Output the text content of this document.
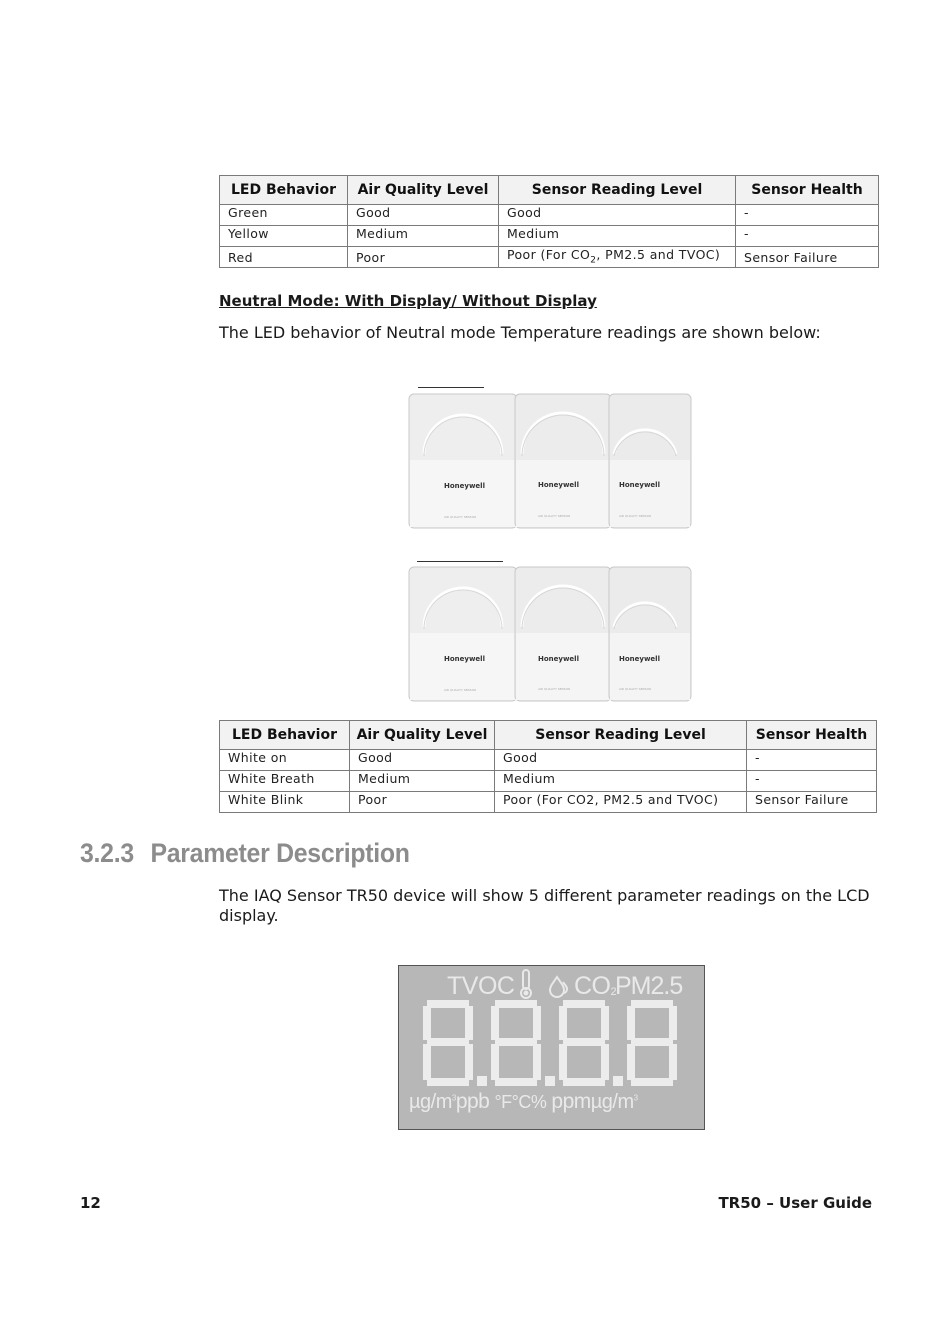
LED Behavior	Air Quality Level	Sensor Reading Level	Sensor Health
Green	Good	Good	-
Yellow	Medium	Medium	-
Red	Poor	Poor (For $CO_2$, PM2.5 and TVOC)	Sensor Failure
Neutral Mode: With Display/ Without Display
The LED behavior of Neutral mode Temperature readings are shown below:
Honeywell	Honeywell	Honeywell
AIR QUALITY SENSOR	AIR QUALITY SENSOR	AIR QUALITY SENSOR
Honeywell	Honeywell	Honeywell
AIR QUALITY SENSOR	AIR QUALITY SENSOR	AIR QUALITY SENSOR
LED Behavior	Air Quality Level	Sensor Reading Level	Sensor Health
White on	Good	Good	-
White Breath	Medium	Medium	-
White Blink	Poor	Poor (For CO2, PM2.5 and TVOC)	Sensor Failure
3.2.3 Parameter Description
The IAQ Sensor TR50 device will show 5 different parameter readings on the LCD display.
TVOC $CO_2$
PM2.5
8.8.8.8
$\mu g/m^3ppb$ °F°C% ppmµg/$m^3$
12	TR50 – User Guide
